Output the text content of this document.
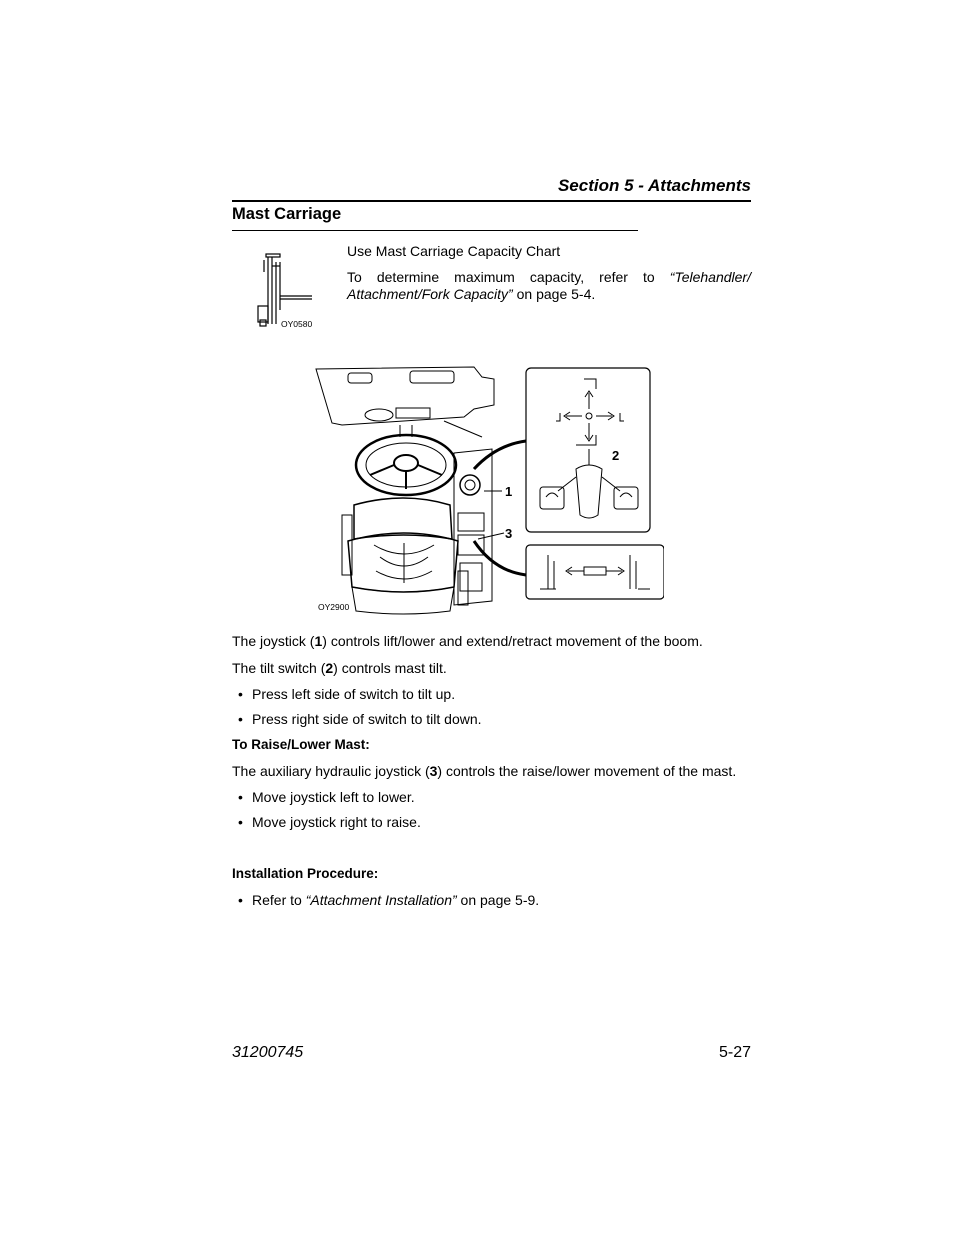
Section 5 - Attachments
Mast Carriage
OY0580
Use Mast Carriage Capacity Chart
To determine maximum capacity, refer to “Telehandler/ Attachment/Fork Capacity” on page 5-4.
1
2
3
OY2900
The joystick (1) controls lift/lower and extend/retract movement of the boom.
The tilt switch (2) controls mast tilt.
• Press left side of switch to tilt up.
• Press right side of switch to tilt down.
To Raise/Lower Mast:
The auxiliary hydraulic joystick (3) controls the raise/lower movement of the mast.
• Move joystick left to lower.
• Move joystick right to raise.
Installation Procedure:
• Refer to “Attachment Installation” on page 5-9.
31200745	5-27
